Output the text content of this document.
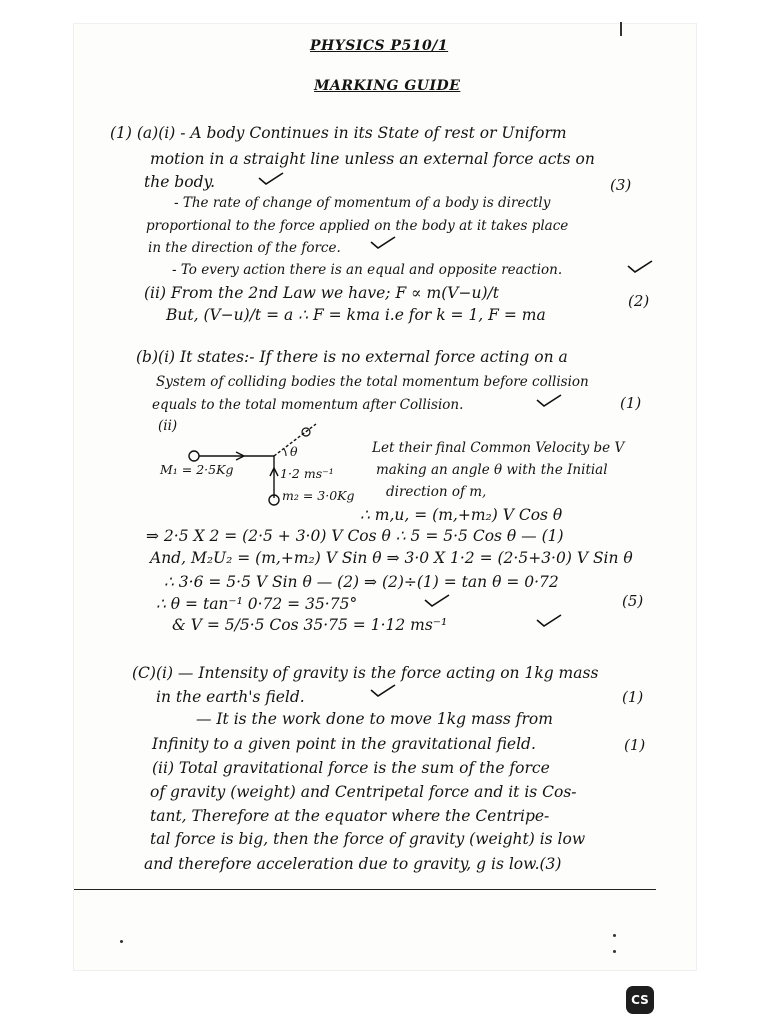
PHYSICS P510/1
MARKING GUIDE
(1) (a)(i) - A body Continues in its State of rest or Uniform
motion in a straight line unless an external force acts on
the body.	(3)
- The rate of change of momentum of a body is directly
proportional to the force applied on the body at it takes place
in the direction of the force.
- To every action there is an equal and opposite reaction.
(ii) From the 2nd Law we have; F ∝ m(V−u)/t
But, (V−u)/t = a ∴ F = kma i.e for k = 1, F = ma
(2)
(b)(i) It states:- If there is no external force acting on a
System of colliding bodies the total momentum before collision
equals to the total momentum after Collision.	(1)
(ii)
θ
M₁ = 2·5Kg	1·2 ms⁻¹
m₂ = 3·0Kg
Let their final Common Velocity be V
making an angle θ with the Initial
direction of m,
∴ m,u, = (m,+m₂) V Cos θ
⇒ 2·5 X 2 = (2·5 + 3·0) V Cos θ ∴ 5 = 5·5 Cos θ — (1)
And, M₂U₂ = (m,+m₂) V Sin θ ⇒ 3·0 X 1·2 = (2·5+3·0) V Sin θ
∴ 3·6 = 5·5 V Sin θ — (2) ⇒ (2)÷(1) = tan θ = 0·72
∴ θ = tan⁻¹ 0·72 = 35·75°	(5)
& V = 5/5·5 Cos 35·75 = 1·12 ms⁻¹
(C)(i) — Intensity of gravity is the force acting on 1kg mass
in the earth's field.	(1)
— It is the work done to move 1kg mass from
Infinity to a given point in the gravitational field.	(1)
(ii) Total gravitational force is the sum of the force
of gravity (weight) and Centripetal force and it is Cos-
tant, Therefore at the equator where the Centripe-
tal force is big, then the force of gravity (weight) is low
and therefore acceleration due to gravity, g is low.(3)
CS
